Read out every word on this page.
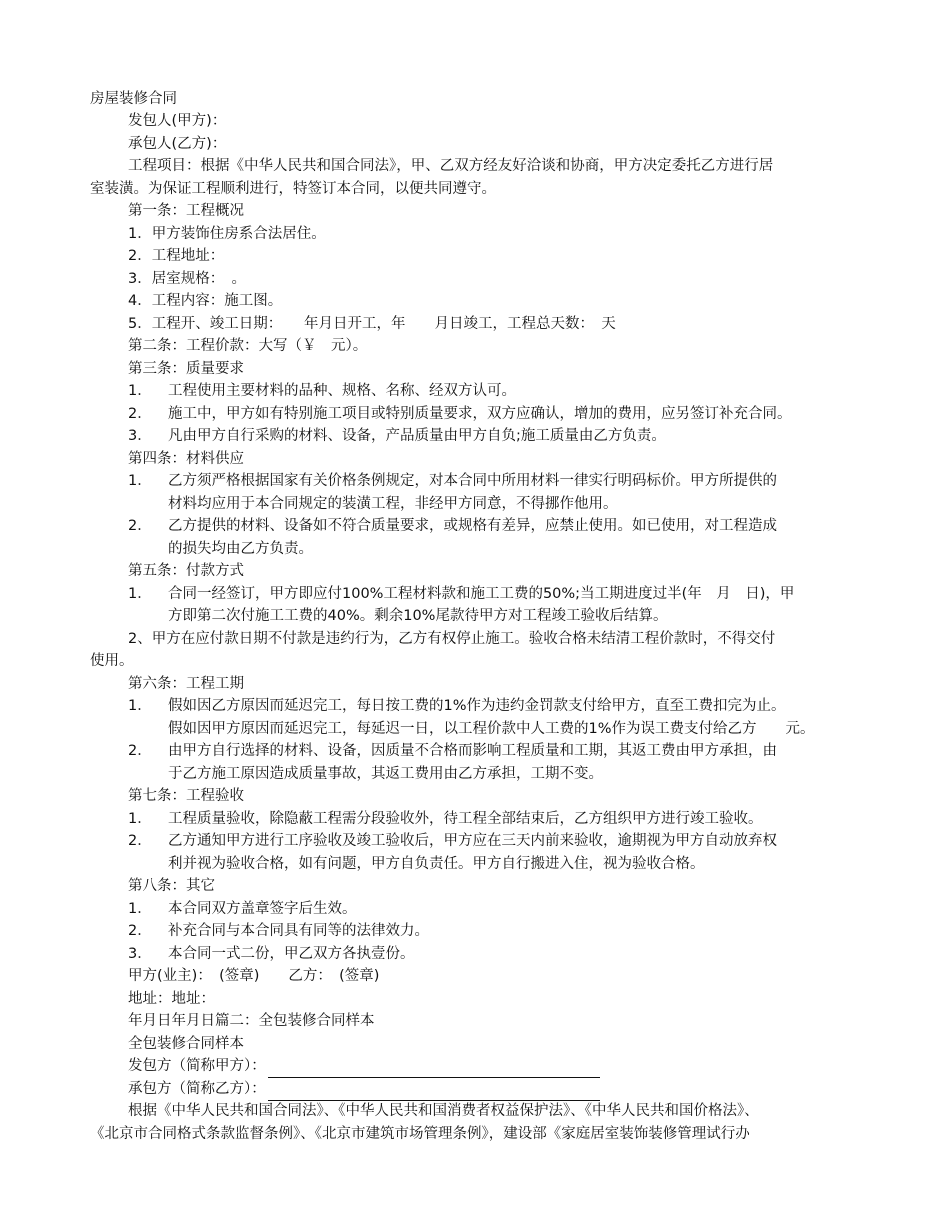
房屋装修合同
发包人(甲方)：
承包人(乙方)：
工程项目：根据《中华人民共和国合同法》，甲、乙双方经友好洽谈和协商，甲方决定委托乙方进行居
室装潢。为保证工程顺利进行，特签订本合同，以便共同遵守。
第一条：工程概况
1．甲方装饰住房系合法居住。
2．工程地址：
3．居室规格：　。
4．工程内容：施工图。
5．工程开、竣工日期：　　年月日开工，年　　月日竣工，工程总天数：　天
第二条：工程价款：大写（￥　元）。
第三条：质量要求
1． 工程使用主要材料的品种、规格、名称、经双方认可。
2． 施工中，甲方如有特别施工项目或特别质量要求，双方应确认，增加的费用，应另签订补充合同。
3． 凡由甲方自行采购的材料、设备，产品质量由甲方自负;施工质量由乙方负责。
第四条：材料供应
1． 乙方须严格根据国家有关价格条例规定，对本合同中所用材料一律实行明码标价。甲方所提供的
材料均应用于本合同规定的装潢工程，非经甲方同意，不得挪作他用。
2． 乙方提供的材料、设备如不符合质量要求，或规格有差异，应禁止使用。如已使用，对工程造成
的损失均由乙方负责。
第五条：付款方式
1． 合同一经签订，甲方即应付100%工程材料款和施工工费的50%;当工期进度过半(年　月　日)，甲
方即第二次付施工工费的40%。剩余10%尾款待甲方对工程竣工验收后结算。
2、甲方在应付款日期不付款是违约行为，乙方有权停止施工。验收合格未结清工程价款时，不得交付
使用。
第六条：工程工期
1． 假如因乙方原因而延迟完工，每日按工费的1%作为违约金罚款支付给甲方，直至工费扣完为止。
假如因甲方原因而延迟完工，每延迟一日，以工程价款中人工费的1%作为误工费支付给乙方　　元。
2． 由甲方自行选择的材料、设备，因质量不合格而影响工程质量和工期，其返工费由甲方承担，由
于乙方施工原因造成质量事故，其返工费用由乙方承担，工期不变。
第七条：工程验收
1． 工程质量验收，除隐蔽工程需分段验收外，待工程全部结束后，乙方组织甲方进行竣工验收。
2． 乙方通知甲方进行工序验收及竣工验收后，甲方应在三天内前来验收，逾期视为甲方自动放弃权
利并视为验收合格，如有问题，甲方自负责任。甲方自行搬进入住，视为验收合格。
第八条：其它
1． 本合同双方盖章签字后生效。
2． 补充合同与本合同具有同等的法律效力。
3． 本合同一式二份，甲乙双方各执壹份。
甲方(业主)：　(签章)　　乙方：　(签章)
地址：地址：
年月日年月日篇二：全包装修合同样本
全包装修合同样本
发包方（简称甲方）：
承包方（简称乙方）：
根据《中华人民共和国合同法》、《中华人民共和国消费者权益保护法》、《中华人民共和国价格法》、
《北京市合同格式条款监督条例》、《北京市建筑市场管理条例》，建设部《家庭居室装饰装修管理试行办
